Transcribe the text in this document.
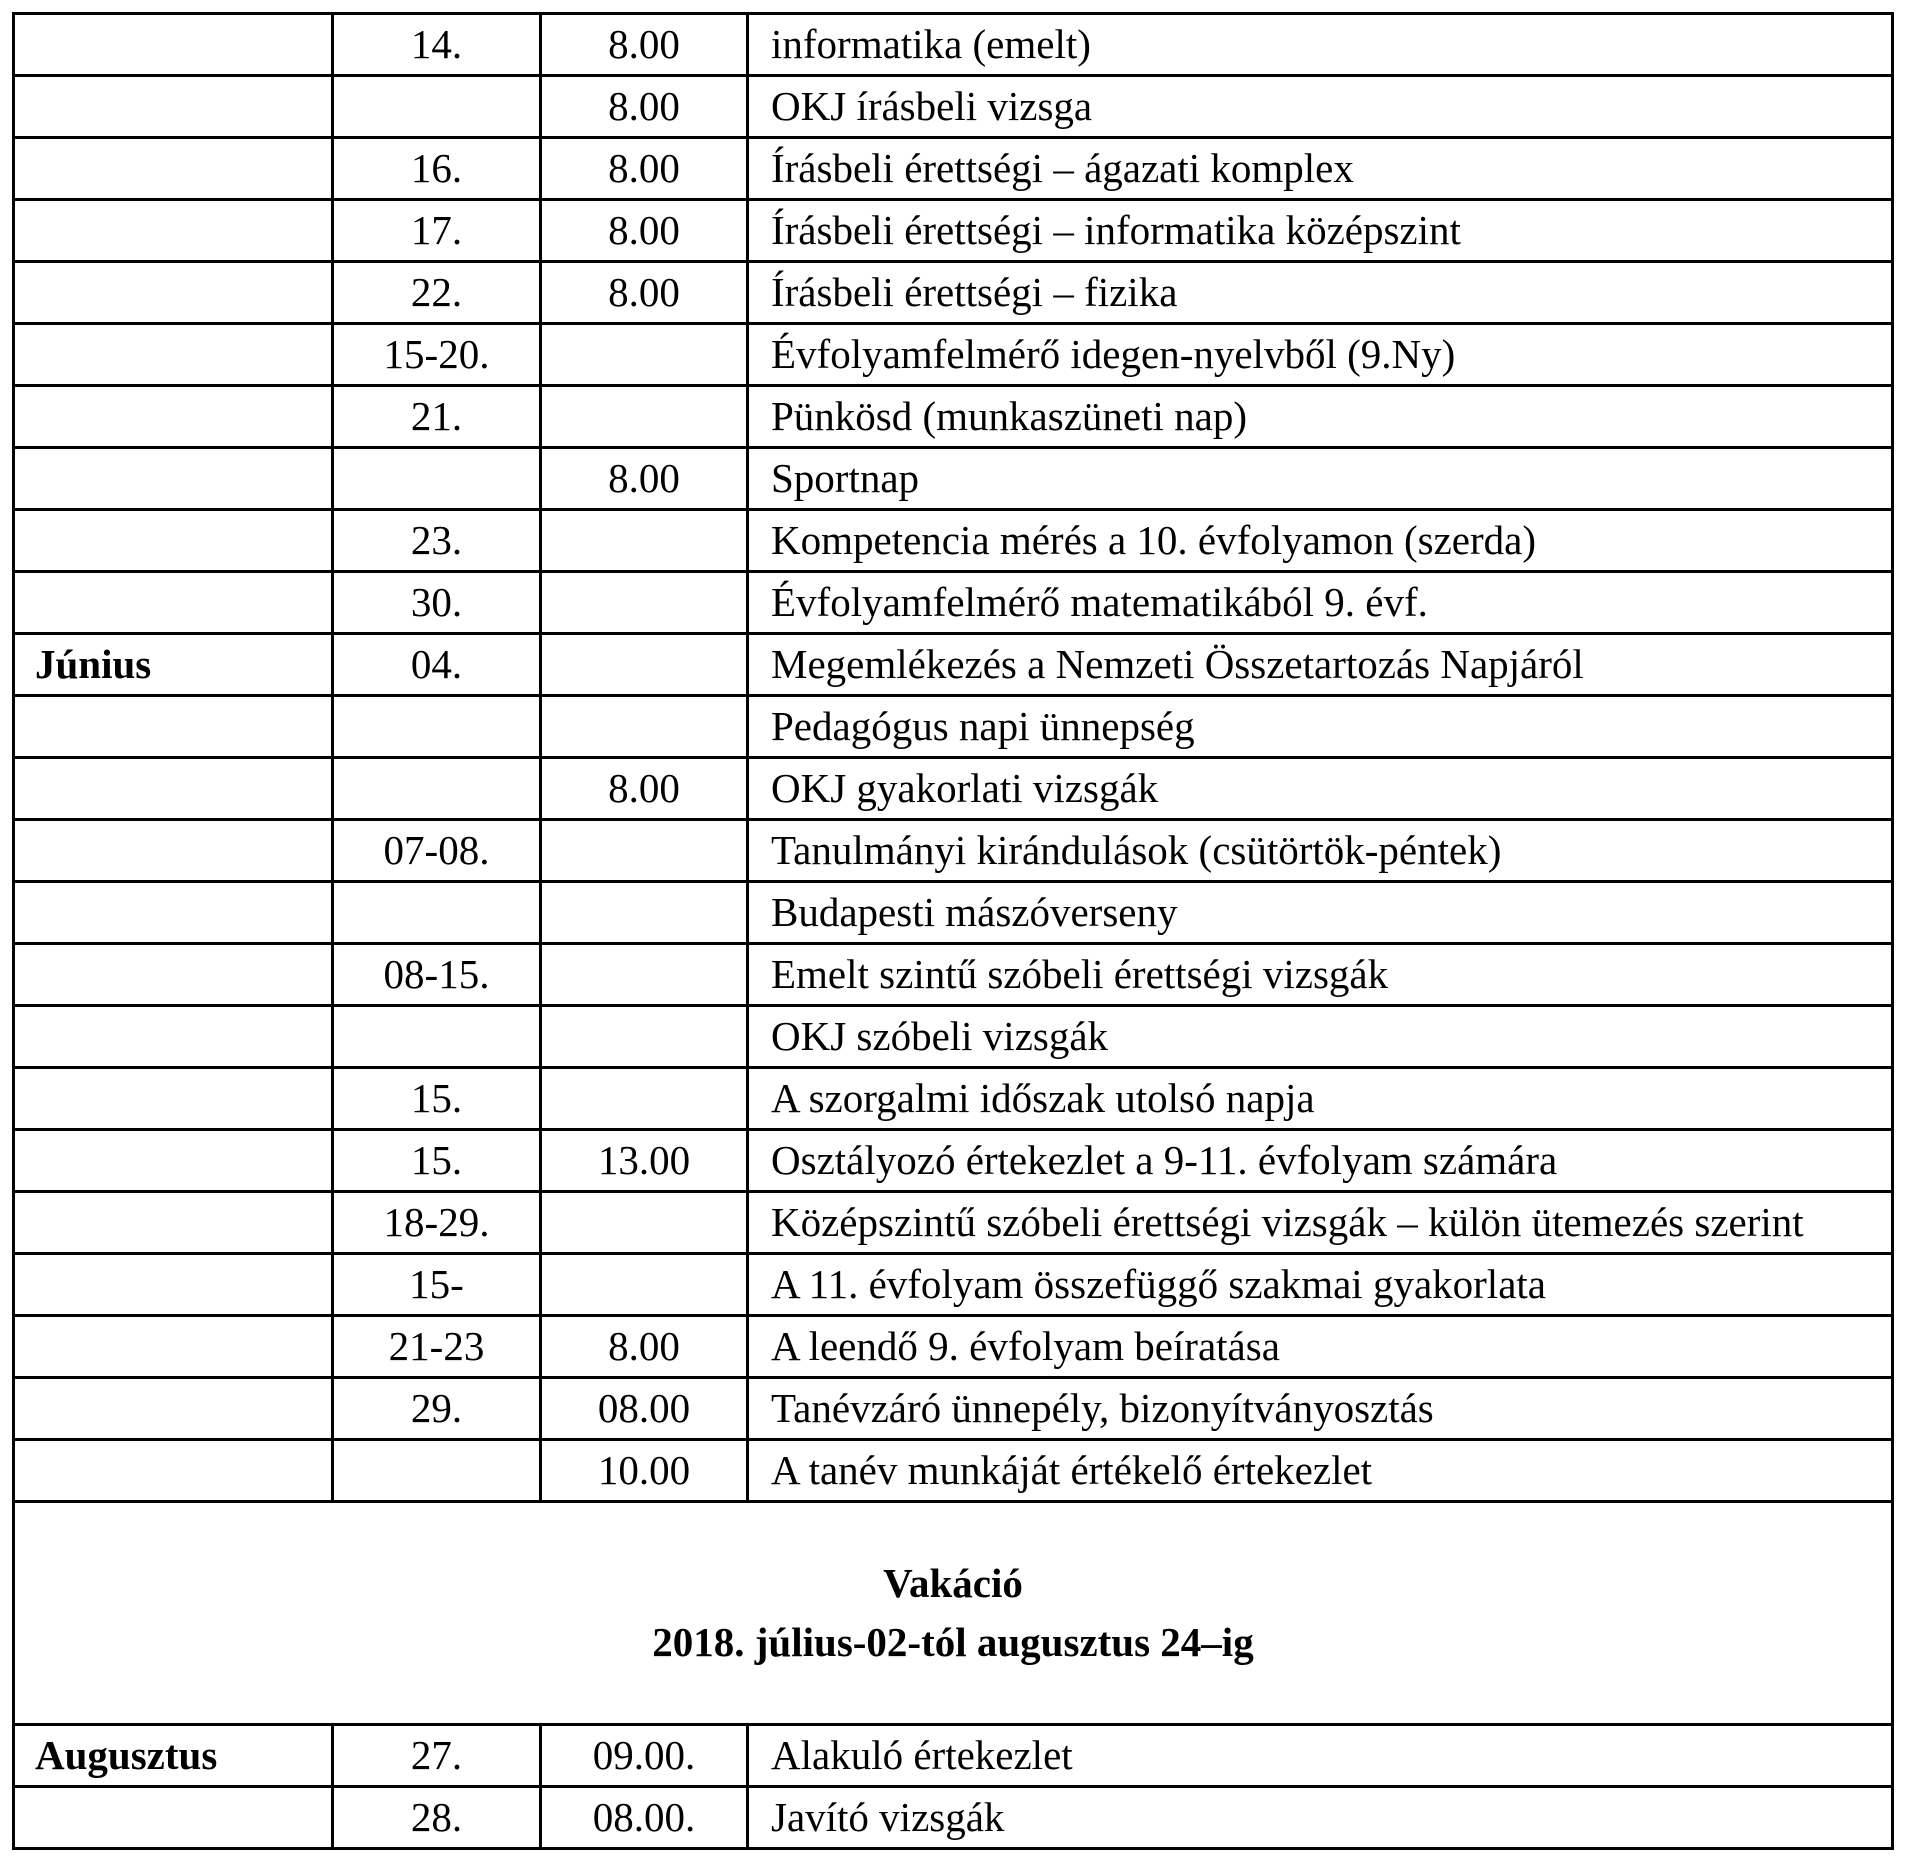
	14.	8.00	informatika (emelt)
		8.00	OKJ írásbeli vizsga
	16.	8.00	Írásbeli érettségi – ágazati komplex
	17.	8.00	Írásbeli érettségi – informatika középszint
	22.	8.00	Írásbeli érettségi – fizika
	15-20.		Évfolyamfelmérő idegen-nyelvből (9.Ny)
	21.		Pünkösd (munkaszüneti nap)
		8.00	Sportnap
	23.		Kompetencia mérés a 10. évfolyamon (szerda)
	30.		Évfolyamfelmérő matematikából 9. évf.
Június	04.		Megemlékezés a Nemzeti Összetartozás Napjáról
			Pedagógus napi ünnepség
		8.00	OKJ gyakorlati vizsgák
	07-08.		Tanulmányi kirándulások (csütörtök-péntek)
			Budapesti mászóverseny
	08-15.		Emelt szintű szóbeli érettségi vizsgák
			OKJ szóbeli vizsgák
	15.		A szorgalmi időszak utolsó napja
	15.	13.00	Osztályozó értekezlet a 9-11. évfolyam számára
	18-29.		Középszintű szóbeli érettségi vizsgák – külön ütemezés szerint
	15-		A 11. évfolyam összefüggő szakmai gyakorlata
	21-23	8.00	A leendő 9. évfolyam beíratása
	29.	08.00	Tanévzáró ünnepély, bizonyítványosztás
		10.00	A tanév munkáját értékelő értekezlet

Vakáció
2018. július-02-tól augusztus 24–ig			

Augusztus	27.	09.00.	Alakuló értekezlet
	28.	08.00.	Javító vizsgák
